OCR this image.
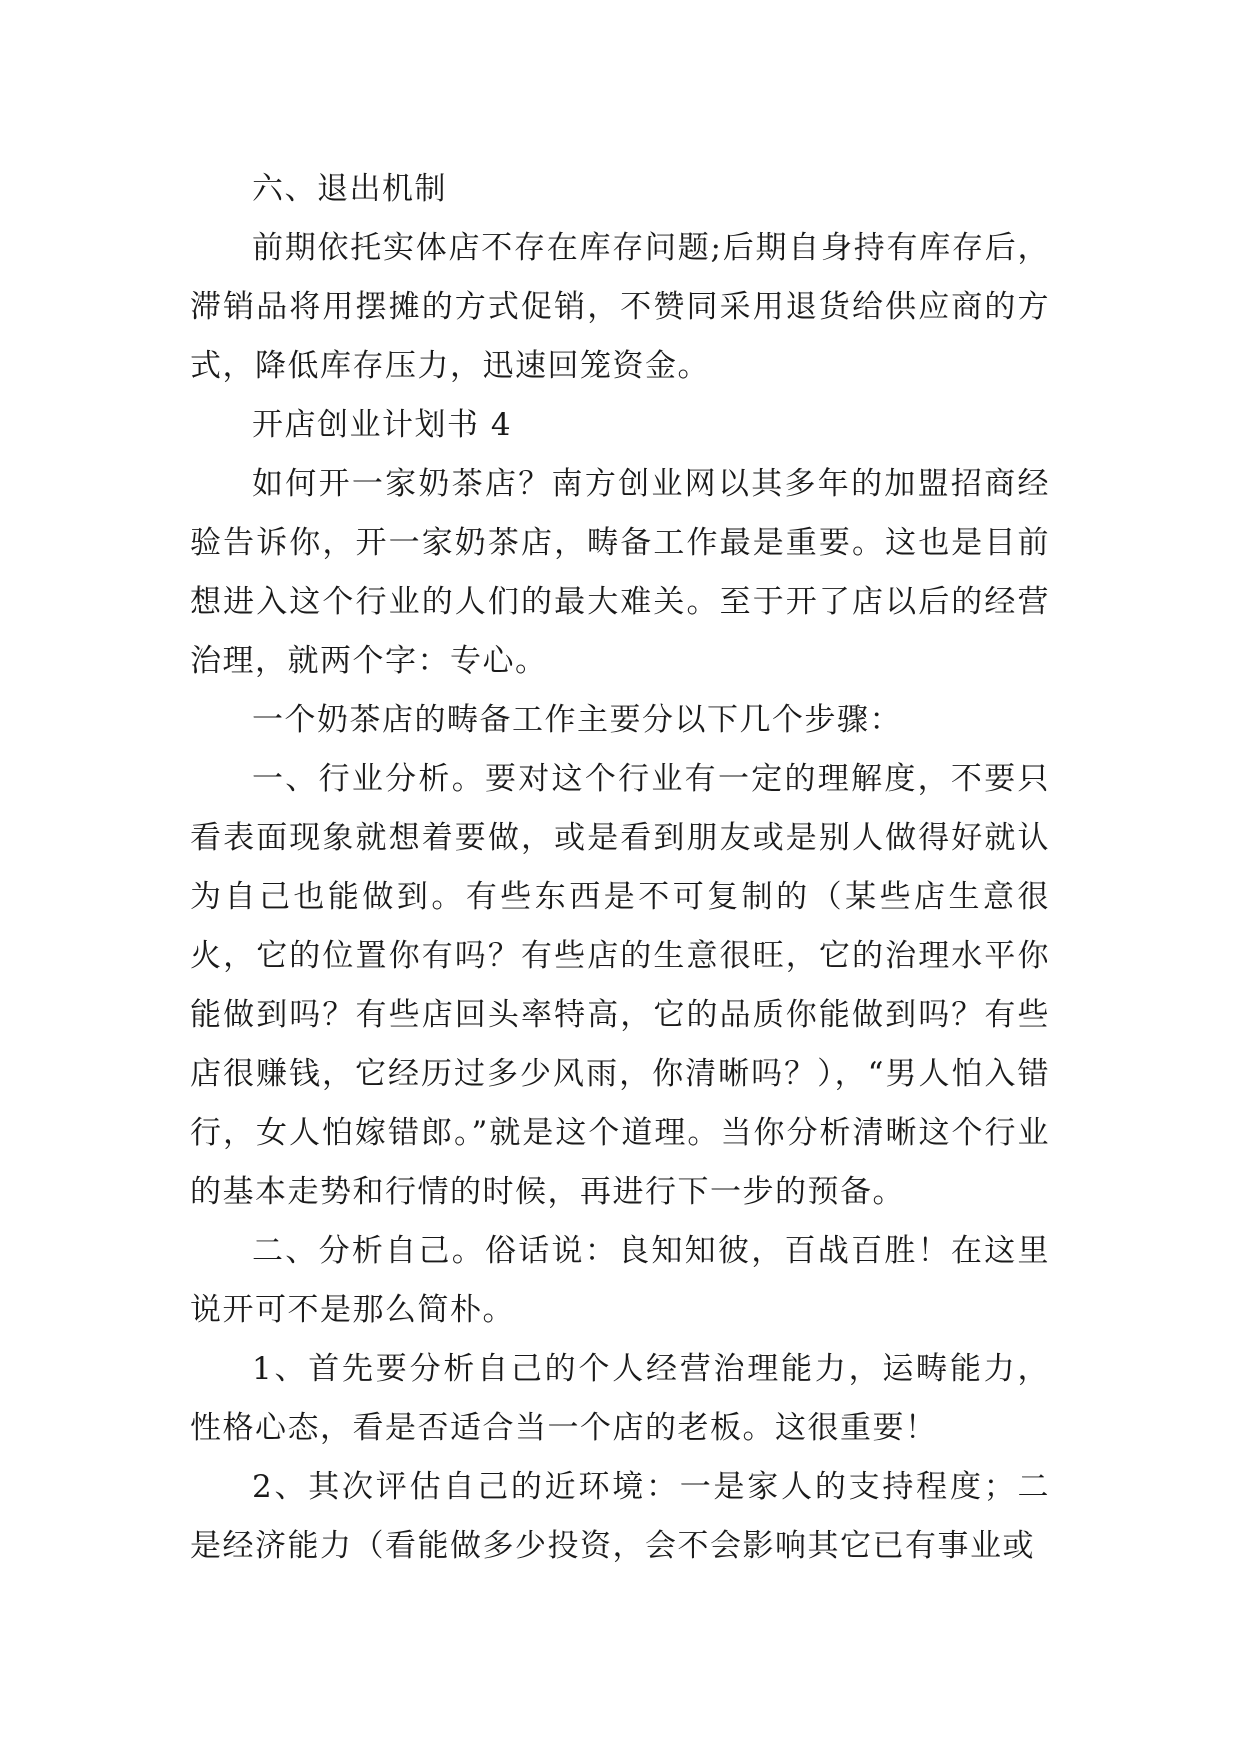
六、退出机制

前期依托实体店不存在库存问题;后期自身持有库存后，滞销品将用摆摊的方式促销，不赞同采用退货给供应商的方式，降低库存压力，迅速回笼资金。

开店创业计划书 4

如何开一家奶茶店？南方创业网以其多年的加盟招商经验告诉你，开一家奶茶店，畴备工作最是重要。这也是目前想进入这个行业的人们的最大难关。至于开了店以后的经营治理，就两个字：专心。

一个奶茶店的畴备工作主要分以下几个步骤：

一、行业分析。要对这个行业有一定的理解度，不要只看表面现象就想着要做，或是看到朋友或是别人做得好就认为自己也能做到。有些东西是不可复制的（某些店生意很火，它的位置你有吗？有些店的生意很旺，它的治理水平你能做到吗？有些店回头率特高，它的品质你能做到吗？有些店很赚钱，它经历过多少风雨，你清晰吗？），“男人怕入错行，女人怕嫁错郎。”就是这个道理。当你分析清晰这个行业的基本走势和行情的时候，再进行下一步的预备。

二、分析自己。俗话说：良知知彼，百战百胜！在这里说开可不是那么简朴。

1、首先要分析自己的个人经营治理能力，运畴能力，性格心态，看是否适合当一个店的老板。这很重要！

2、其次评估自己的近环境：一是家人的支持程度；二是经济能力（看能做多少投资，会不会影响其它已有事业或
